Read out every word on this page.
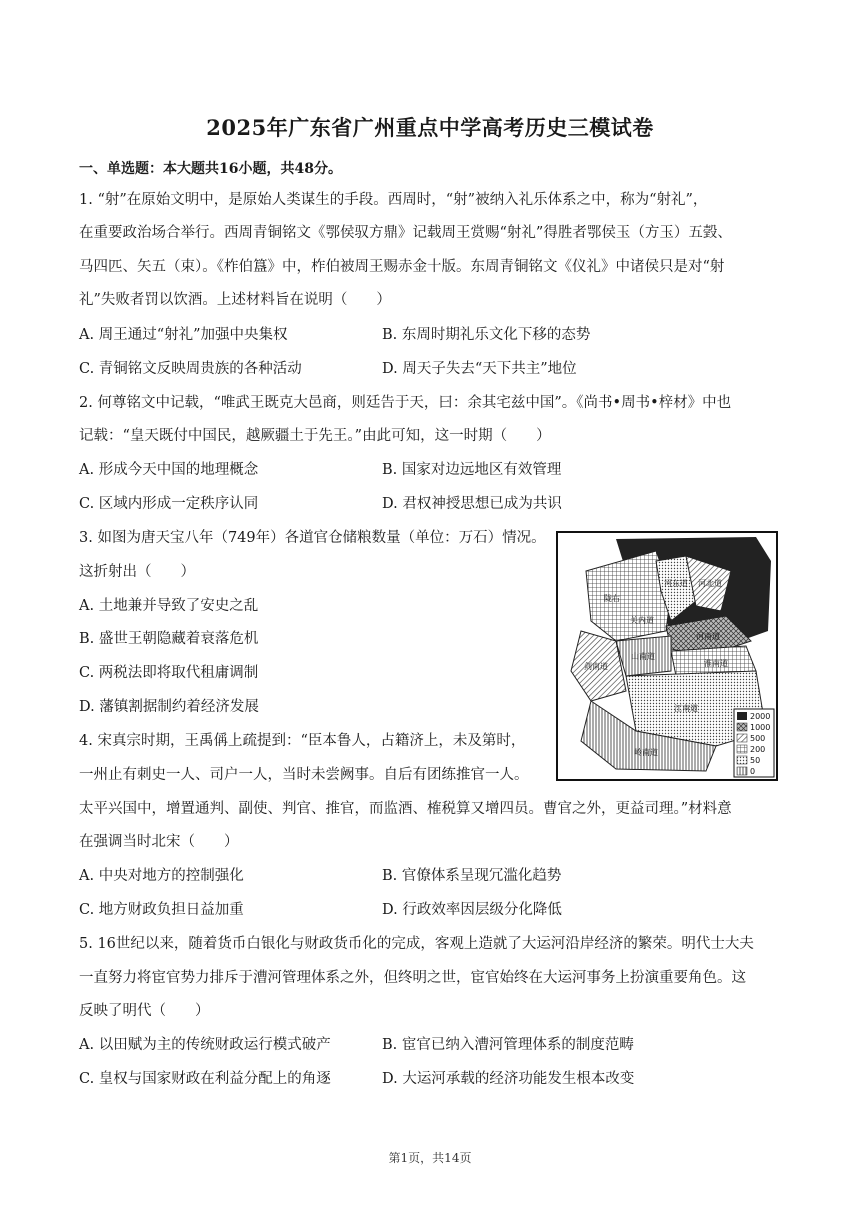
2025年广东省广州重点中学高考历史三模试卷
一、单选题：本大题共16小题，共48分。
1. “射”在原始文明中，是原始人类谋生的手段。西周时，“射”被纳入礼乐体系之中，称为“射礼”，
在重要政治场合举行。西周青铜铭文《鄂侯驭方鼎》记载周王赏赐“射礼”得胜者鄂侯玉（方玉）五瑴、
马四匹、矢五（束）。《柞伯簋》中，柞伯被周王赐赤金十版。东周青铜铭文《仪礼》中诸侯只是对“射
礼”失败者罚以饮酒。上述材料旨在说明（　　）
A. 周王通过“射礼”加强中央集权	B. 东周时期礼乐文化下移的态势
C. 青铜铭文反映周贵族的各种活动	D. 周天子失去“天下共主”地位
2. 何尊铭文中记载，“唯武王既克大邑商，则廷告于天，曰：余其宅兹中国”。《尚书•周书•梓材》中也
记载：“皇天既付中国民，越厥疆土于先王。”由此可知，这一时期（　　）
A. 形成今天中国的地理概念	B. 国家对边远地区有效管理
C. 区域内形成一定秩序认同	D. 君权神授思想已成为共识
3. 如图为唐天宝八年（749年）各道官仓储粮数量（单位：万石）情况。
这折射出（　　）
A. 土地兼并导致了安史之乱
B. 盛世王朝隐藏着衰落危机
C. 两税法即将取代租庸调制
D. 藩镇割据制约着经济发展
陇右
关内道
河东道 河北道
河南道
山南道
淮南道
江南道
剑南道
岭南道
2000
1000
500
200
50
0
4. 宋真宗时期，王禹偁上疏提到：“臣本鲁人，占籍济上，未及第时，
一州止有刺史一人、司户一人，当时未尝阙事。自后有团练推官一人。
太平兴国中，增置通判、副使、判官、推官，而监酒、榷税算又增四员。曹官之外，更益司理。”材料意
在强调当时北宋（　　）
A. 中央对地方的控制强化	B. 官僚体系呈现冗滥化趋势
C. 地方财政负担日益加重	D. 行政效率因层级分化降低
5. 16世纪以来，随着货币白银化与财政货币化的完成，客观上造就了大运河沿岸经济的繁荣。明代士大夫
一直努力将宦官势力排斥于漕河管理体系之外，但终明之世，宦官始终在大运河事务上扮演重要角色。这
反映了明代（　　）
A. 以田赋为主的传统财政运行模式破产	B. 宦官已纳入漕河管理体系的制度范畴
C. 皇权与国家财政在利益分配上的角逐	D. 大运河承载的经济功能发生根本改变
第1页，共14页
